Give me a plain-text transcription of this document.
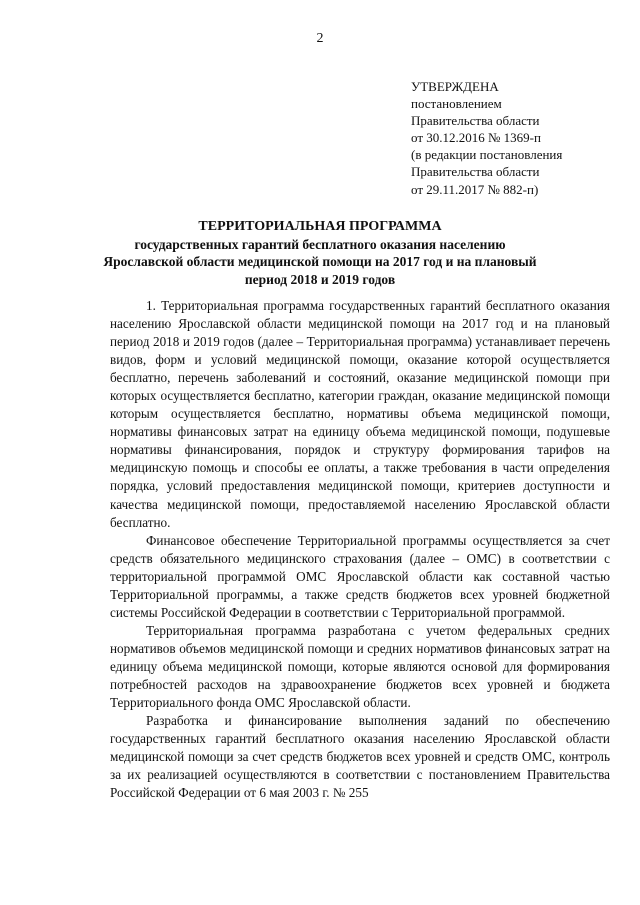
2
УТВЕРЖДЕНА
постановлением
Правительства области
от 30.12.2016 № 1369-п
(в редакции постановления
Правительства области
от 29.11.2017 № 882-п)
ТЕРРИТОРИАЛЬНАЯ ПРОГРАММА
государственных гарантий бесплатного оказания населению
Ярославской области медицинской помощи на 2017 год и на плановый
период 2018 и 2019 годов

1. Территориальная программа государственных гарантий бесплатного оказания населению Ярославской области медицинской помощи на 2017 год и на плановый период 2018 и 2019 годов (далее – Территориальная программа) устанавливает перечень видов, форм и условий медицинской помощи, оказание которой осуществляется бесплатно, перечень заболеваний и состояний, оказание медицинской помощи при которых осуществляется бесплатно, категории граждан, оказание медицинской помощи которым осуществляется бесплатно, нормативы объема медицинской помощи, нормативы финансовых затрат на единицу объема медицинской помощи, подушевые нормативы финансирования, порядок и структуру формирования тарифов на медицинскую помощь и способы ее оплаты, а также требования в части определения порядка, условий предоставления медицинской помощи, критериев доступности и качества медицинской помощи, предоставляемой населению Ярославской области бесплатно.

Финансовое обеспечение Территориальной программы осуществляется за счет средств обязательного медицинского страхования (далее – ОМС) в соответствии с территориальной программой ОМС Ярославской области как составной частью Территориальной программы, а также средств бюджетов всех уровней бюджетной системы Российской Федерации в соответствии с Территориальной программой.

Территориальная программа разработана с учетом федеральных средних нормативов объемов медицинской помощи и средних нормативов финансовых затрат на единицу объема медицинской помощи, которые являются основой для формирования потребностей расходов на здравоохранение бюджетов всех уровней и бюджета Территориального фонда ОМС Ярославской области.

Разработка и финансирование выполнения заданий по обеспечению государственных гарантий бесплатного оказания населению Ярославской области медицинской помощи за счет средств бюджетов всех уровней и средств ОМС, контроль за их реализацией осуществляются в соответствии с постановлением Правительства Российской Федерации от 6 мая 2003 г. № 255
